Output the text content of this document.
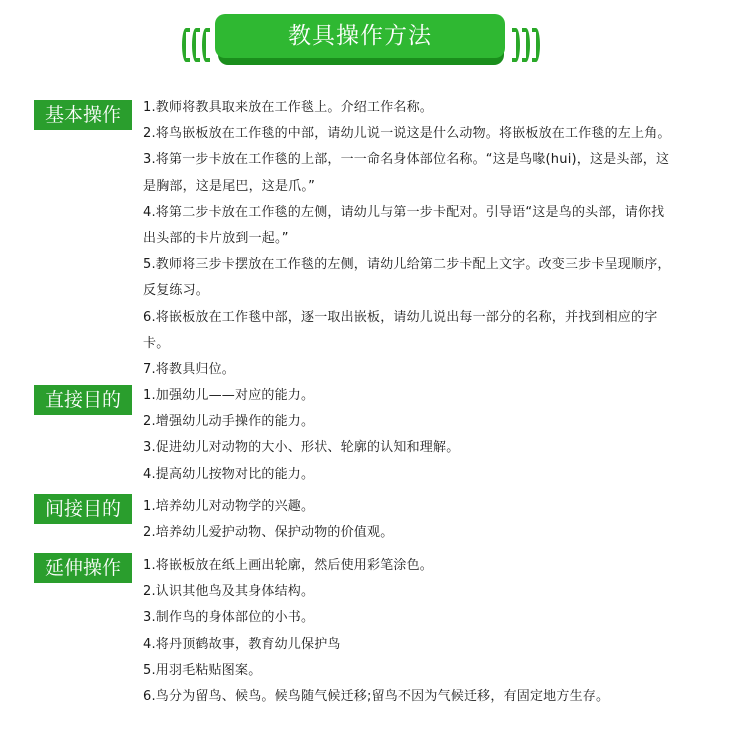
教具操作方法
基本操作	1.教师将教具取来放在工作毯上。介绍工作名称。
2.将鸟嵌板放在工作毯的中部，请幼儿说一说这是什么动物。将嵌板放在工作毯的左上角。
3.将第一步卡放在工作毯的上部，一一命名身体部位名称。“这是鸟喙(hui)，这是头部，这
是胸部，这是尾巴，这是爪。”
4.将第二步卡放在工作毯的左侧，请幼儿与第一步卡配对。引导语“这是鸟的头部，请你找
出头部的卡片放到一起。”
5.教师将三步卡摆放在工作毯的左侧，请幼儿给第二步卡配上文字。改变三步卡呈现顺序，
反复练习。
6.将嵌板放在工作毯中部，逐一取出嵌板，请幼儿说出每一部分的名称，并找到相应的字
卡。
7.将教具归位。
直接目的	1.加强幼儿——对应的能力。
2.增强幼儿动手操作的能力。
3.促进幼儿对动物的大小、形状、轮廓的认知和理解。
4.提高幼儿按物对比的能力。
间接目的	1.培养幼儿对动物学的兴趣。
2.培养幼儿爱护动物、保护动物的价值观。
延伸操作	1.将嵌板放在纸上画出轮廓，然后使用彩笔涂色。
2.认识其他鸟及其身体结构。
3.制作鸟的身体部位的小书。
4.将丹顶鹤故事，教育幼儿保护鸟
5.用羽毛粘贴图案。
6.鸟分为留鸟、候鸟。候鸟随气候迁移;留鸟不因为气候迁移，有固定地方生存。
